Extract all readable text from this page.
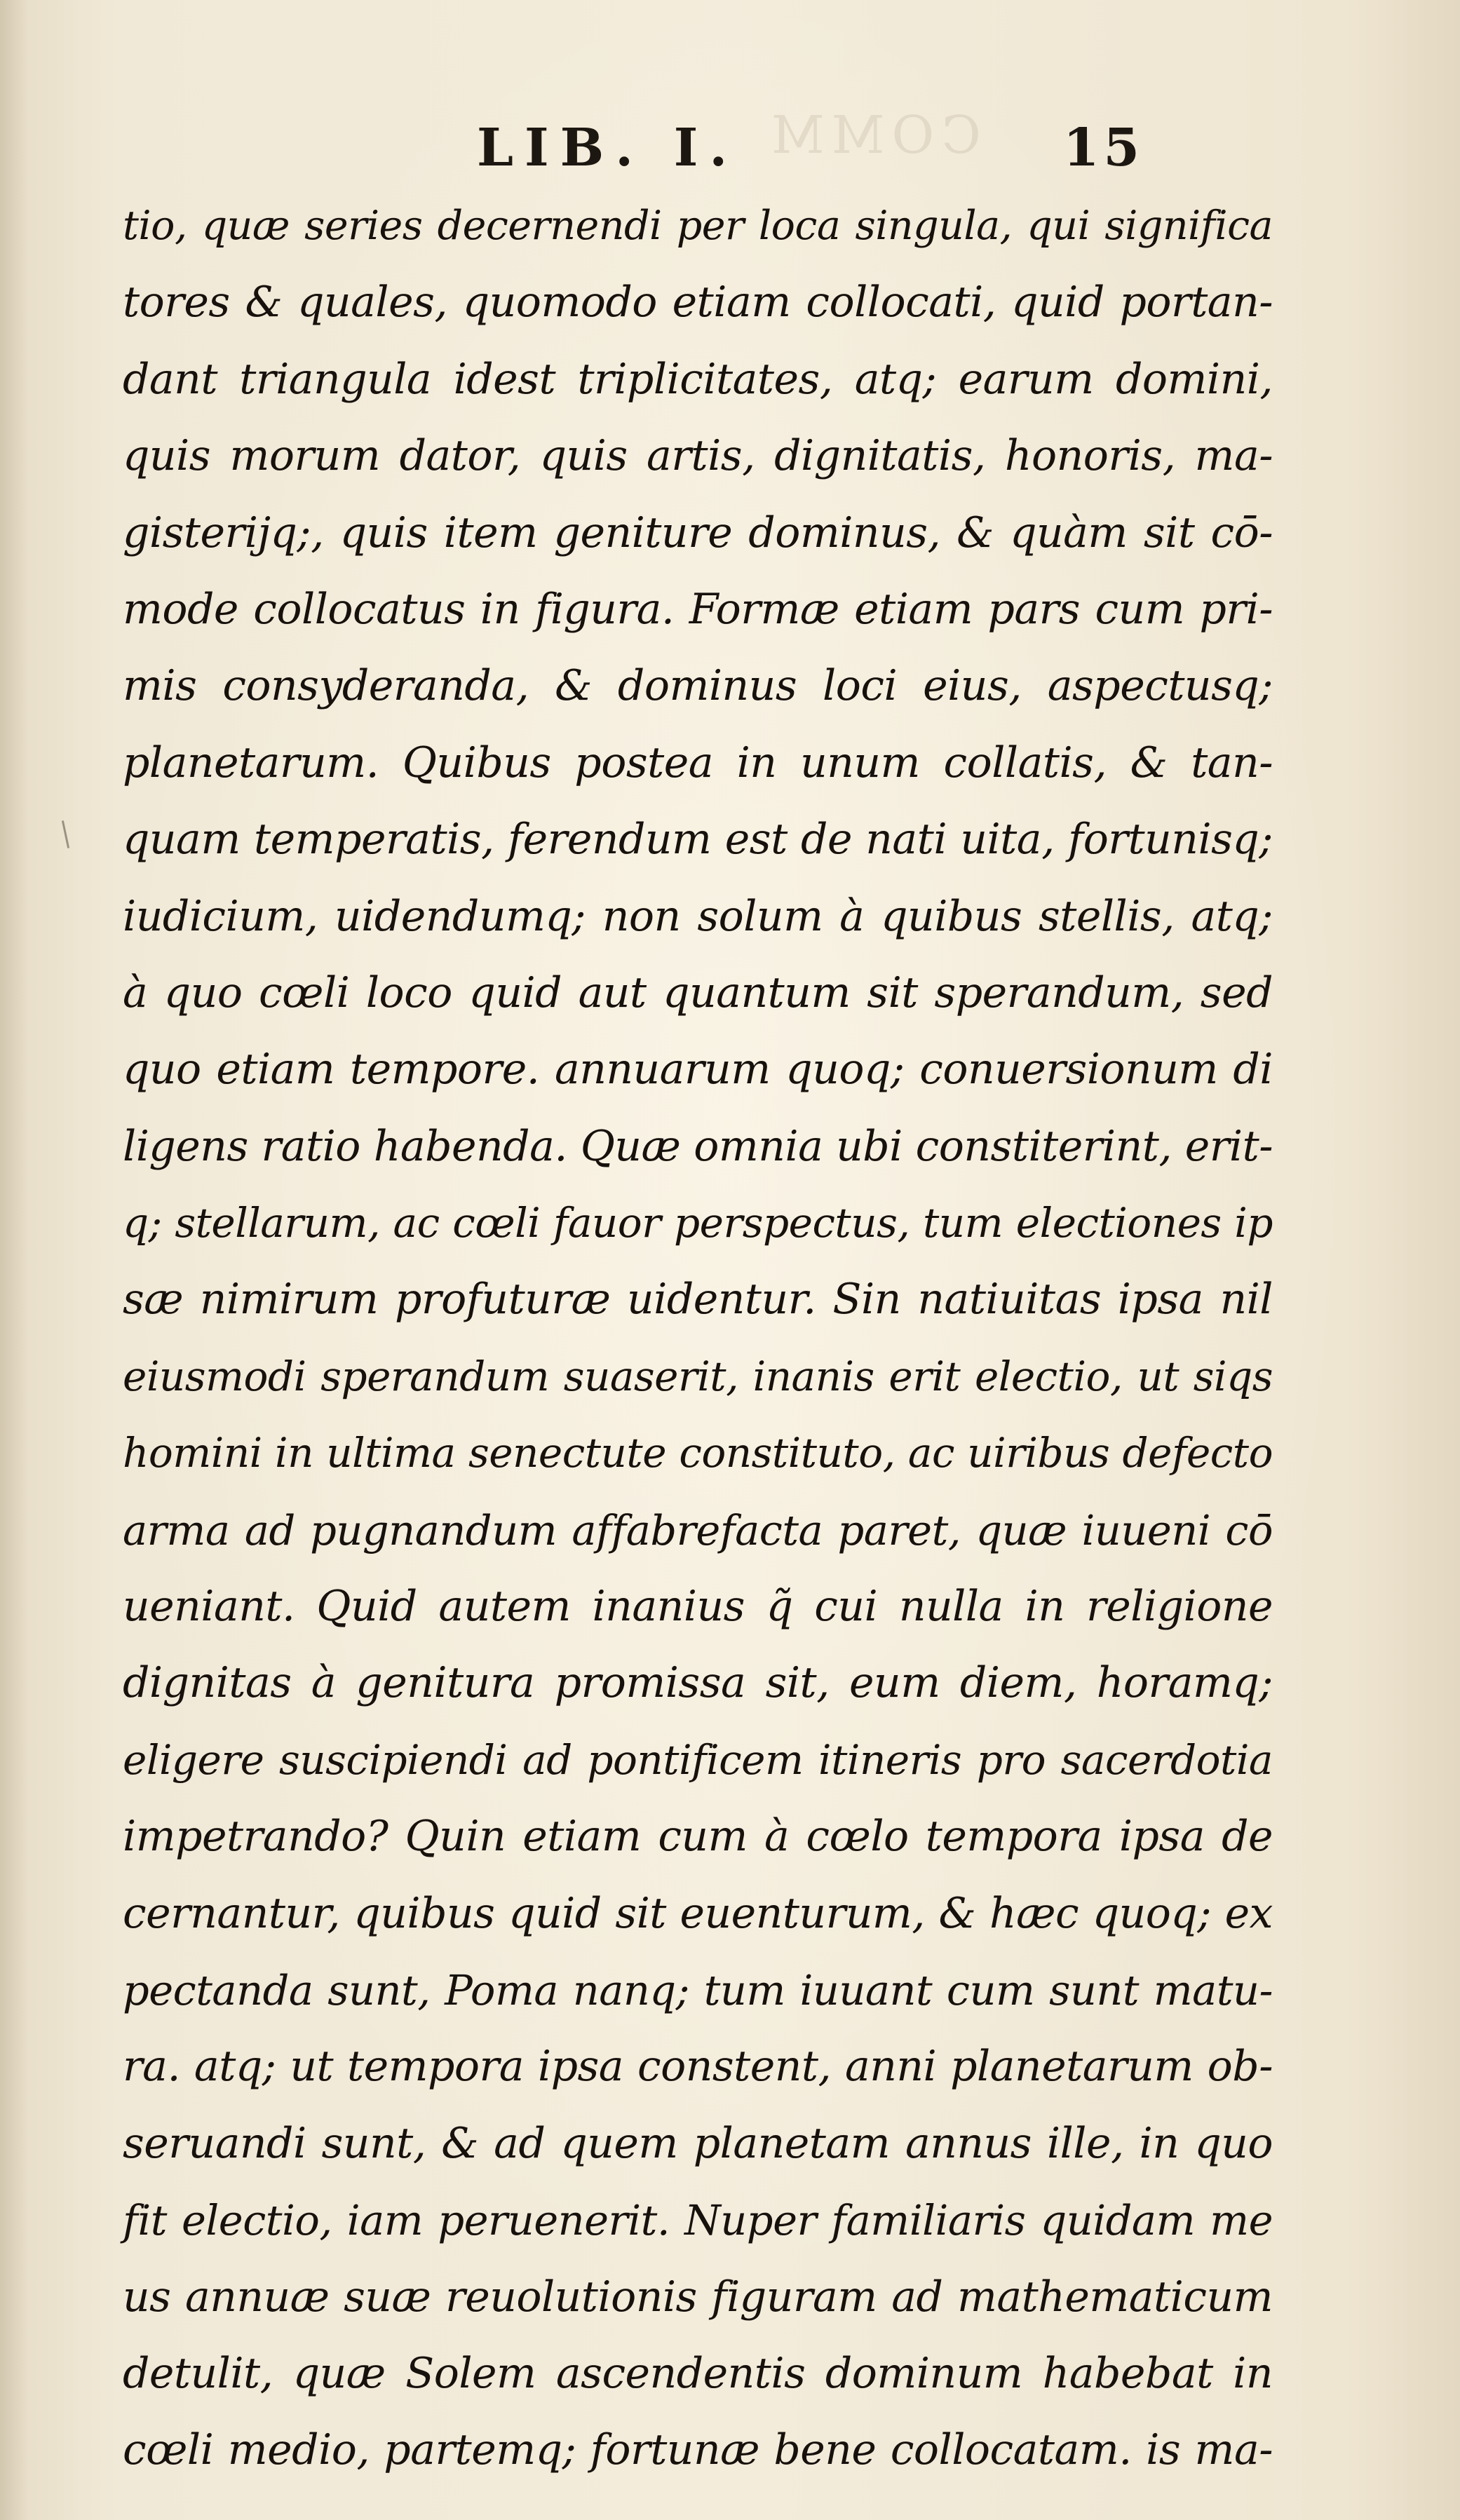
COMM
LIB. I.	15
tio, quæ series decernendi per loca singula, qui significa
tores & quales, quomodo etiam collocati, quid portan-
dant triangula idest triplicitates, atq; earum domini,
quis morum dator, quis artis, dignitatis, honoris, ma-
gisterijq;, quis item geniture dominus, & quàm sit cō-
mode collocatus in figura. Formæ etiam pars cum pri-
mis consyderanda, & dominus loci eius, aspectusq;
planetarum. Quibus postea in unum collatis, & tan-
quam temperatis, ferendum est de nati uita, fortunisq;
iudicium, uidendumq; non solum à quibus stellis, atq;
à quo cœli loco quid aut quantum sit sperandum, sed
quo etiam tempore. annuarum quoq; conuersionum di
ligens ratio habenda. Quæ omnia ubi constiterint, erit-
q; stellarum, ac cœli fauor perspectus, tum electiones ip
sæ nimirum profuturæ uidentur. Sin natiuitas ipsa nil
eiusmodi sperandum suaserit, inanis erit electio, ut siqs
homini in ultima senectute constituto, ac uiribus defecto
arma ad pugnandum affabrefacta paret, quæ iuueni cō
ueniant. Quid autem inanius q̃ cui nulla in religione
dignitas à genitura promissa sit, eum diem, horamq;
eligere suscipiendi ad pontificem itineris pro sacerdotia
impetrando? Quin etiam cum à cœlo tempora ipsa de
cernantur, quibus quid sit euenturum, & hæc quoq; ex
pectanda sunt, Poma nanq; tum iuuant cum sunt matu-
ra. atq; ut tempora ipsa constent, anni planetarum ob-
seruandi sunt, & ad quem planetam annus ille, in quo
fit electio, iam peruenerit. Nuper familiaris quidam me
us annuæ suæ reuolutionis figuram ad mathematicum
detulit, quæ Solem ascendentis dominum habebat in
cœli medio, partemq; fortunæ bene collocatam. is ma-
